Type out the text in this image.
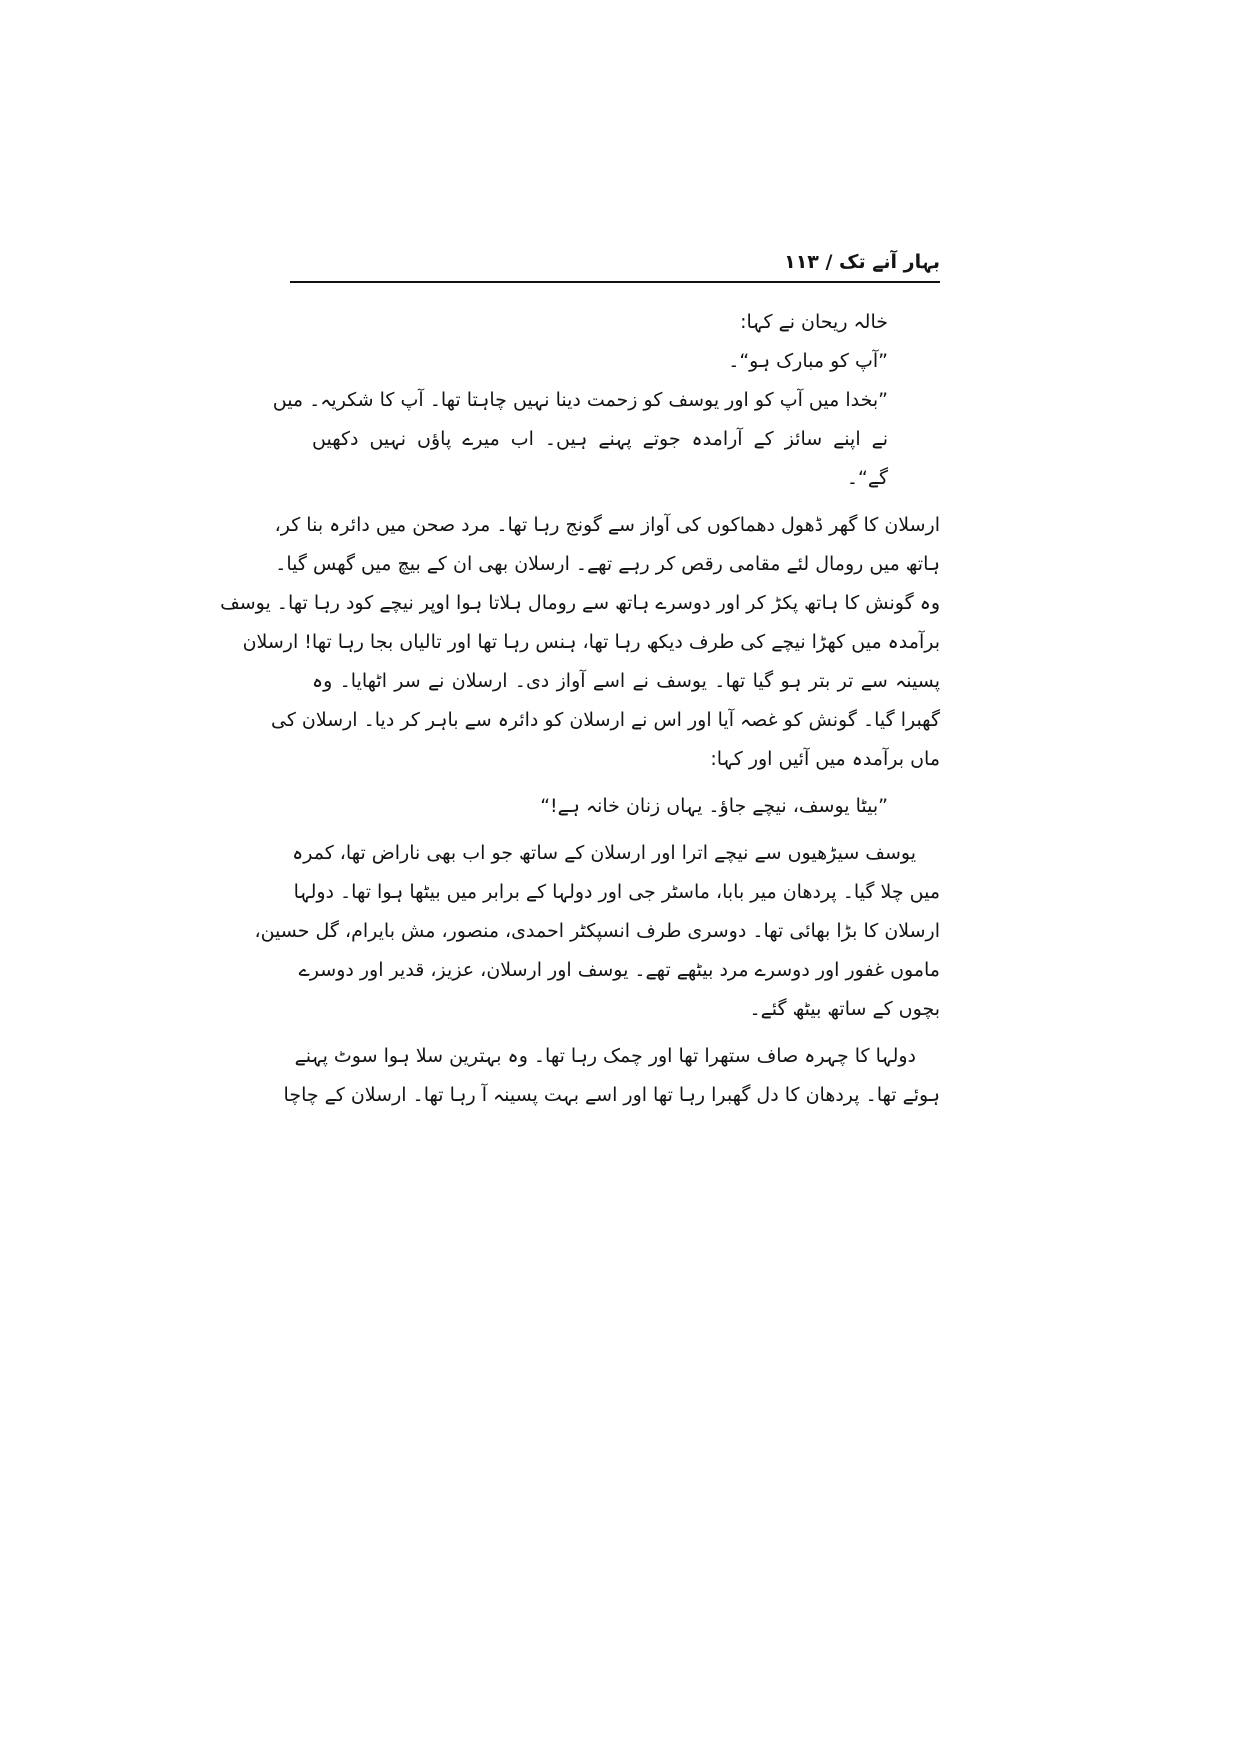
بہار آنے تک / ۱۱۳
خالہ ریحان نے کہا:
”آپ کو مبارک ہو“۔
”بخدا میں آپ کو اور یوسف کو زحمت دینا نہیں چاہتا تھا۔ آپ کا شکریہ۔ میں
نے اپنے سائز کے آرامدہ جوتے پہنے ہیں۔ اب میرے پاؤں نہیں دکھیں
گے“۔
ارسلان کا گھر ڈھول دھماکوں کی آواز سے گونج رہا تھا۔ مرد صحن میں دائرہ بنا کر،
ہاتھ میں رومال لئے مقامی رقص کر رہے تھے۔ ارسلان بھی ان کے بیچ میں گھس گیا۔
وہ گونش کا ہاتھ پکڑ کر اور دوسرے ہاتھ سے رومال ہلاتا ہوا اوپر نیچے کود رہا تھا۔ یوسف
برآمدہ میں کھڑا نیچے کی طرف دیکھ رہا تھا، ہنس رہا تھا اور تالیاں بجا رہا تھا! ارسلان
پسینہ سے تر بتر ہو گیا تھا۔ یوسف نے اسے آواز دی۔ ارسلان نے سر اٹھایا۔ وہ
گھبرا گیا۔ گونش کو غصہ آیا اور اس نے ارسلان کو دائرہ سے باہر کر دیا۔ ارسلان کی
ماں برآمدہ میں آئیں اور کہا:
”بیٹا یوسف، نیچے جاؤ۔ یہاں زنان خانہ ہے!“
یوسف سیڑھیوں سے نیچے اترا اور ارسلان کے ساتھ جو اب بھی ناراض تھا، کمرہ
میں چلا گیا۔ پردھان میر بابا، ماسٹر جی اور دولہا کے برابر میں بیٹھا ہوا تھا۔ دولہا
ارسلان کا بڑا بھائی تھا۔ دوسری طرف انسپکٹر احمدی، منصور، مش بایرام، گل حسین،
ماموں غفور اور دوسرے مرد بیٹھے تھے۔ یوسف اور ارسلان، عزیز، قدیر اور دوسرے
بچوں کے ساتھ بیٹھ گئے۔
دولہا کا چہرہ صاف ستھرا تھا اور چمک رہا تھا۔ وہ بہترین سلا ہوا سوٹ پہنے
ہوئے تھا۔ پردھان کا دل گھبرا رہا تھا اور اسے بہت پسینہ آ رہا تھا۔ ارسلان کے چاچا
